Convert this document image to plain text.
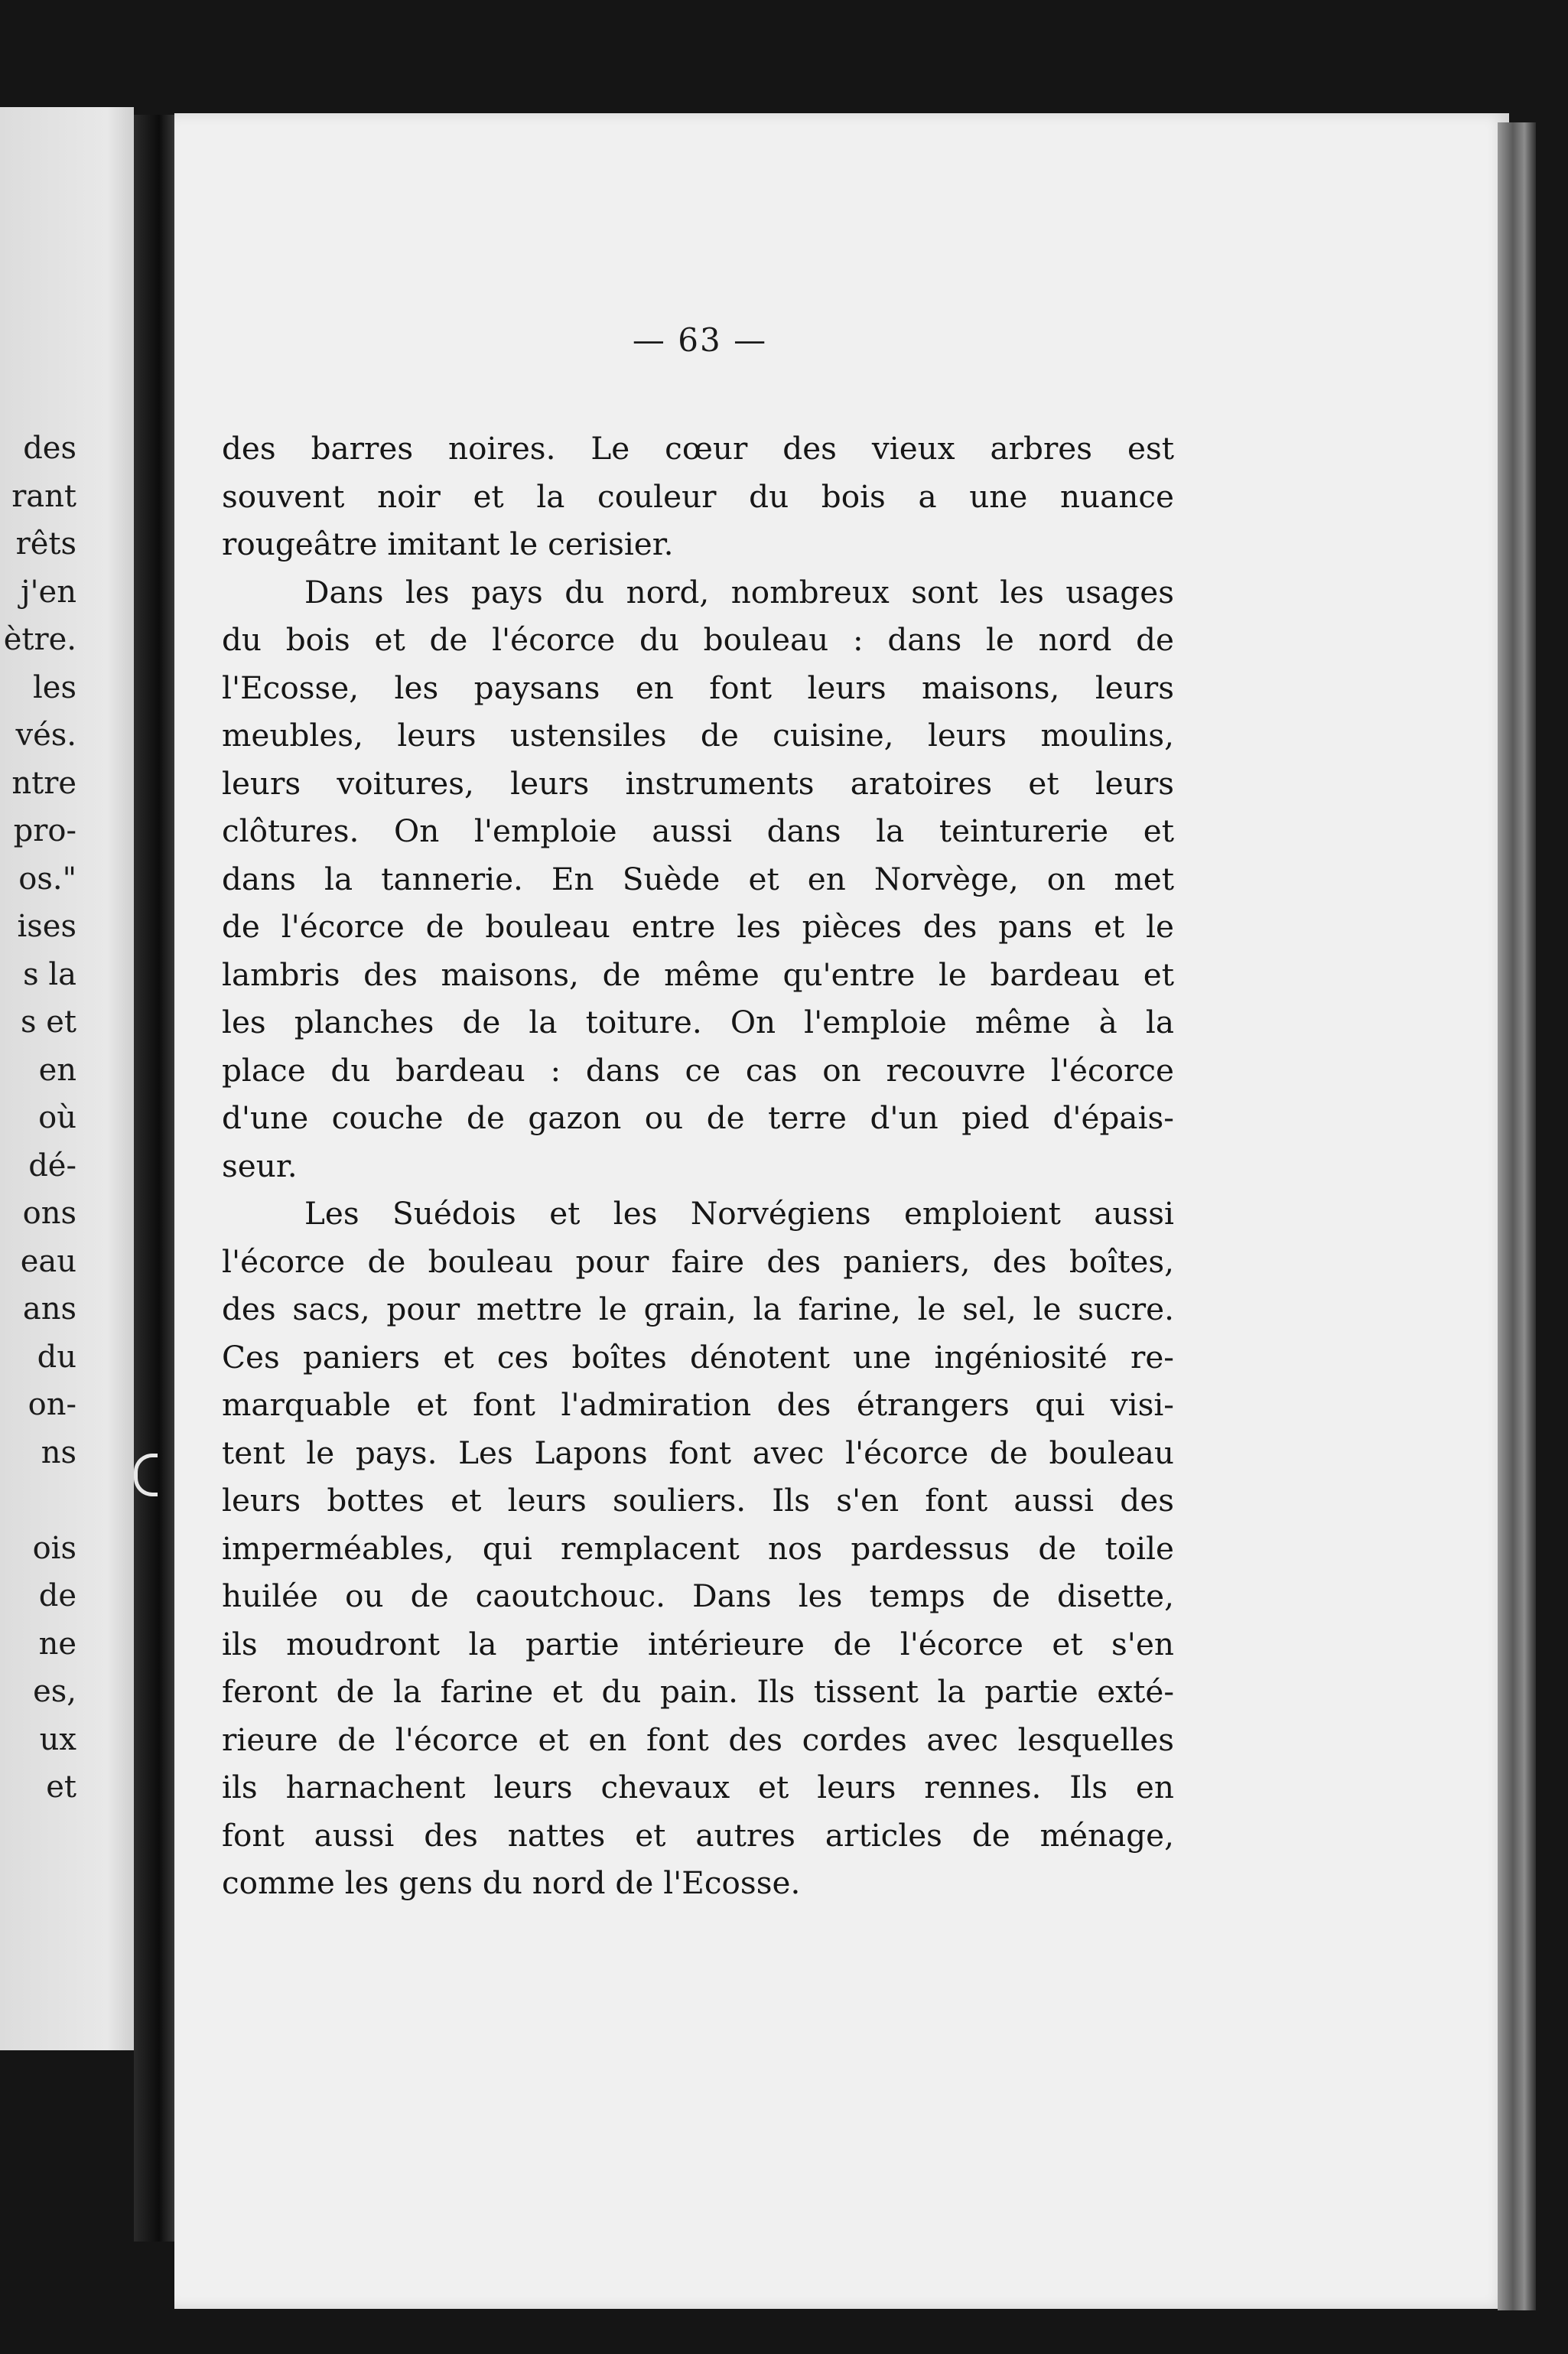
des
rant
rêts
j'en
ètre.
les
vés.
ntre
pro-
os."
ises
s la
s et
en
où
dé-
ons
eau
ans
du
on-
ns
ois
de
ne
es,
ux
et
— 63 —
des barres noires. Le cœur des vieux arbres est
souvent noir et la couleur du bois a une nuance
rougeâtre imitant le cerisier.
Dans les pays du nord, nombreux sont les usages
du bois et de l'écorce du bouleau : dans le nord de
l'Ecosse, les paysans en font leurs maisons, leurs
meubles, leurs ustensiles de cuisine, leurs moulins,
leurs voitures, leurs instruments aratoires et leurs
clôtures. On l'emploie aussi dans la teinturerie et
dans la tannerie. En Suède et en Norvège, on met
de l'écorce de bouleau entre les pièces des pans et le
lambris des maisons, de même qu'entre le bardeau et
les planches de la toiture. On l'emploie même à la
place du bardeau : dans ce cas on recouvre l'écorce
d'une couche de gazon ou de terre d'un pied d'épais-
seur.
Les Suédois et les Norvégiens emploient aussi
l'écorce de bouleau pour faire des paniers, des boîtes,
des sacs, pour mettre le grain, la farine, le sel, le sucre.
Ces paniers et ces boîtes dénotent une ingéniosité re-
marquable et font l'admiration des étrangers qui visi-
tent le pays. Les Lapons font avec l'écorce de bouleau
leurs bottes et leurs souliers. Ils s'en font aussi des
imperméables, qui remplacent nos pardessus de toile
huilée ou de caoutchouc. Dans les temps de disette,
ils moudront la partie intérieure de l'écorce et s'en
feront de la farine et du pain. Ils tissent la partie exté-
rieure de l'écorce et en font des cordes avec lesquelles
ils harnachent leurs chevaux et leurs rennes. Ils en
font aussi des nattes et autres articles de ménage,
comme les gens du nord de l'Ecosse.
